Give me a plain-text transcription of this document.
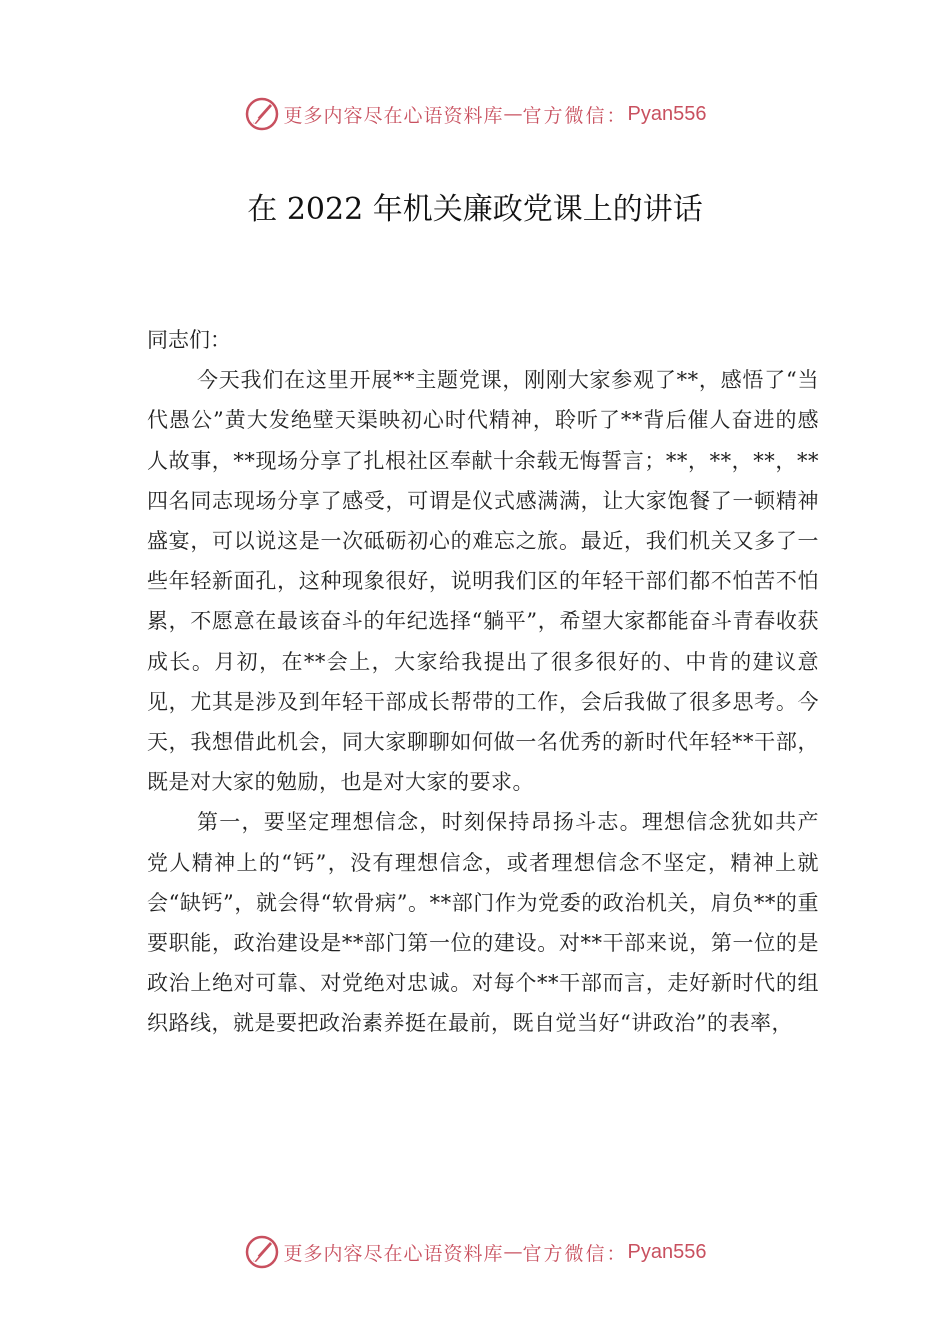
更多内容尽在心语资料库 — 官方微信： Pyan556
在 2022 年机关廉政党课上的讲话

同志们：

今天我们在这里开展**主题党课，刚刚大家参观了**，感悟了“当代愚公”黄大发绝壁天渠映初心时代精神，聆听了**背后催人奋进的感人故事，**现场分享了扎根社区奉献十余载无悔誓言；**，**，**，**四名同志现场分享了感受，可谓是仪式感满满，让大家饱餐了一顿精神盛宴，可以说这是一次砥砺初心的难忘之旅。最近，我们机关又多了一些年轻新面孔，这种现象很好，说明我们区的年轻干部们都不怕苦不怕累，不愿意在最该奋斗的年纪选择“躺平”，希望大家都能奋斗青春收获成长。月初，在**会上，大家给我提出了很多很好的、中肯的建议意见，尤其是涉及到年轻干部成长帮带的工作，会后我做了很多思考。今天，我想借此机会，同大家聊聊如何做一名优秀的新时代年轻**干部，既是对大家的勉励，也是对大家的要求。

第一，要坚定理想信念，时刻保持昂扬斗志。理想信念犹如共产党人精神上的“钙”，没有理想信念，或者理想信念不坚定，精神上就会“缺钙”，就会得“软骨病”。**部门作为党委的政治机关，肩负**的重要职能，政治建设是**部门第一位的建设。对**干部来说，第一位的是政治上绝对可靠、对党绝对忠诚。对每个**干部而言，走好新时代的组织路线，就是要把政治素养挺在最前，既自觉当好“讲政治”的表率，

更多内容尽在心语资料库 — 官方微信： Pyan556
